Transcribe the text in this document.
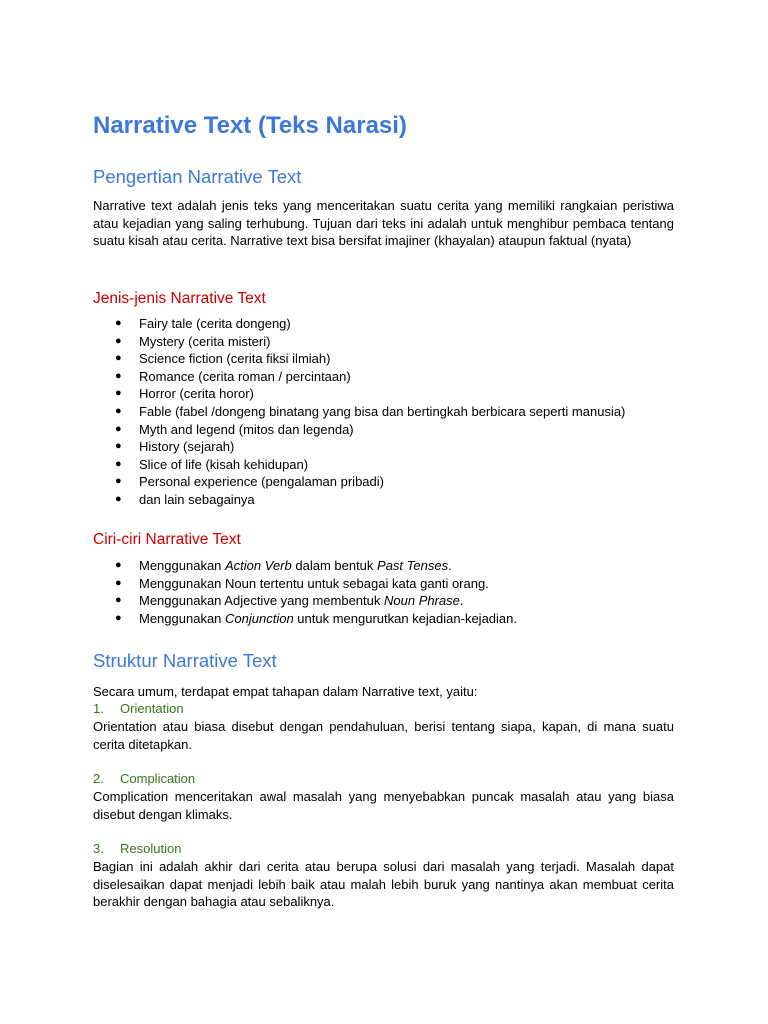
Narrative Text (Teks Narasi)
Pengertian Narrative Text

Narrative text adalah jenis teks yang menceritakan suatu cerita yang memiliki rangkaian peristiwa atau kejadian yang saling terhubung. Tujuan dari teks ini adalah untuk menghibur pembaca tentang suatu kisah atau cerita. Narrative text bisa bersifat imajiner (khayalan) ataupun faktual (nyata)

Jenis-jenis Narrative Text
● Fairy tale (cerita dongeng)
● Mystery (cerita misteri)
● Science fiction (cerita fiksi ilmiah)
● Romance (cerita roman / percintaan)
● Horror (cerita horor)
● Fable (fabel /dongeng binatang yang bisa dan bertingkah berbicara seperti manusia)
● Myth and legend (mitos dan legenda)
● History (sejarah)
● Slice of life (kisah kehidupan)
● Personal experience (pengalaman pribadi)
● dan lain sebagainya
Ciri-ciri Narrative Text
● Menggunakan Action Verb dalam bentuk Past Tenses.
● Menggunakan Noun tertentu untuk sebagai kata ganti orang.
● Menggunakan Adjective yang membentuk Noun Phrase.
● Menggunakan Conjunction untuk mengurutkan kejadian-kejadian.
Struktur Narrative Text

Secara umum, terdapat empat tahapan dalam Narrative text, yaitu:

1. Orientation

Orientation atau biasa disebut dengan pendahuluan, berisi tentang siapa, kapan, di mana suatu cerita ditetapkan.

2. Complication

Complication menceritakan awal masalah yang menyebabkan puncak masalah atau yang biasa disebut dengan klimaks.

3. Resolution

Bagian ini adalah akhir dari cerita atau berupa solusi dari masalah yang terjadi. Masalah dapat diselesaikan dapat menjadi lebih baik atau malah lebih buruk yang nantinya akan membuat cerita berakhir dengan bahagia atau sebaliknya.
